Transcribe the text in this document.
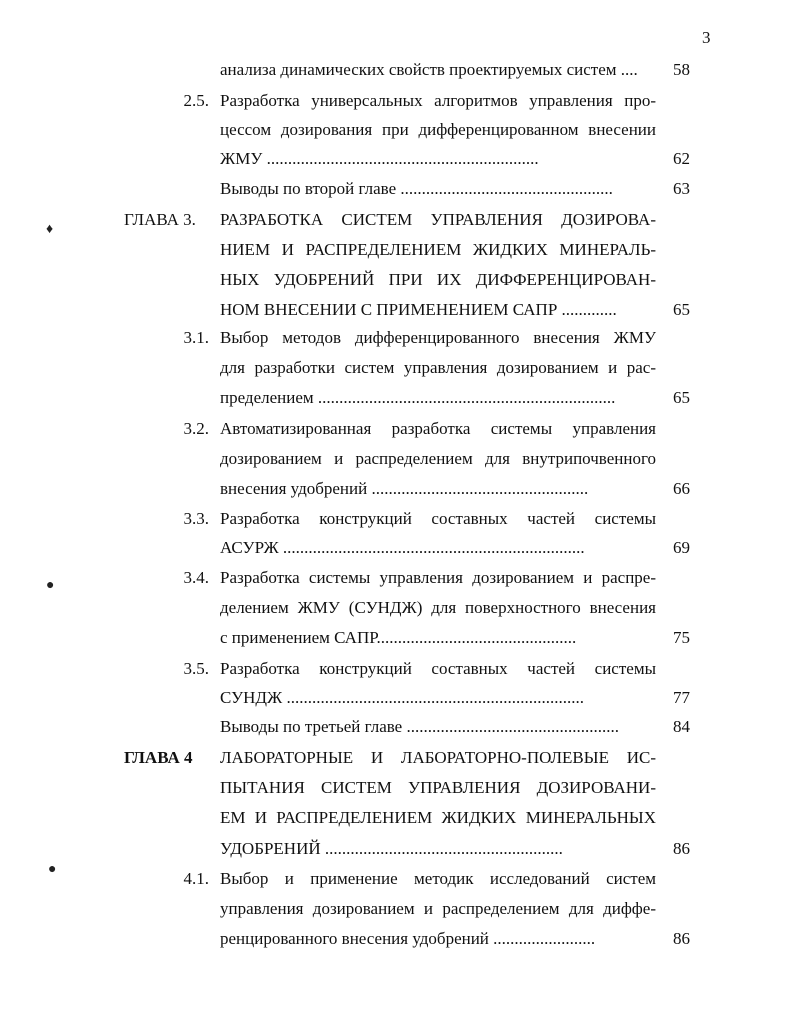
3
анализа динамических свойств проектируемых систем ....	58
2.5. Разработка универсальных алгоритмов управления про-
цессом дозирования при дифференцированном внесении
ЖМУ ................................................................	62
Выводы по второй главе ..................................................	63
ГЛАВА 3. РАЗРАБОТКА СИСТЕМ УПРАВЛЕНИЯ ДОЗИРОВА-
НИЕМ И РАСПРЕДЕЛЕНИЕМ ЖИДКИХ МИНЕРАЛЬ-
НЫХ УДОБРЕНИЙ ПРИ ИХ ДИФФЕРЕНЦИРОВАН-
НОМ ВНЕСЕНИИ С ПРИМЕНЕНИЕМ САПР .............	65
3.1. Выбор методов дифференцированного внесения ЖМУ
для разработки систем управления дозированием и рас-
пределением ......................................................................	65
3.2. Автоматизированная разработка системы управления
дозированием и распределением для внутрипочвенного
внесения удобрений ...................................................	66
3.3. Разработка конструкций составных частей системы
АСУРЖ .......................................................................	69
3.4. Разработка системы управления дозированием и распре-
делением ЖМУ (СУНДЖ) для поверхностного внесения
с применением САПР...............................................	75
3.5. Разработка конструкций составных частей системы
СУНДЖ ......................................................................	77
Выводы по третьей главе ..................................................	84
ГЛАВА 4 ЛАБОРАТОРНЫЕ И ЛАБОРАТОРНО-ПОЛЕВЫЕ ИС-
ПЫТАНИЯ СИСТЕМ УПРАВЛЕНИЯ ДОЗИРОВАНИ-
ЕМ И РАСПРЕДЕЛЕНИЕМ ЖИДКИХ МИНЕРАЛЬНЫХ
УДОБРЕНИЙ ........................................................	86
4.1. Выбор и применение методик исследований систем
управления дозированием и распределением для диффе-
ренцированного внесения удобрений ........................	86
♦
●
●
